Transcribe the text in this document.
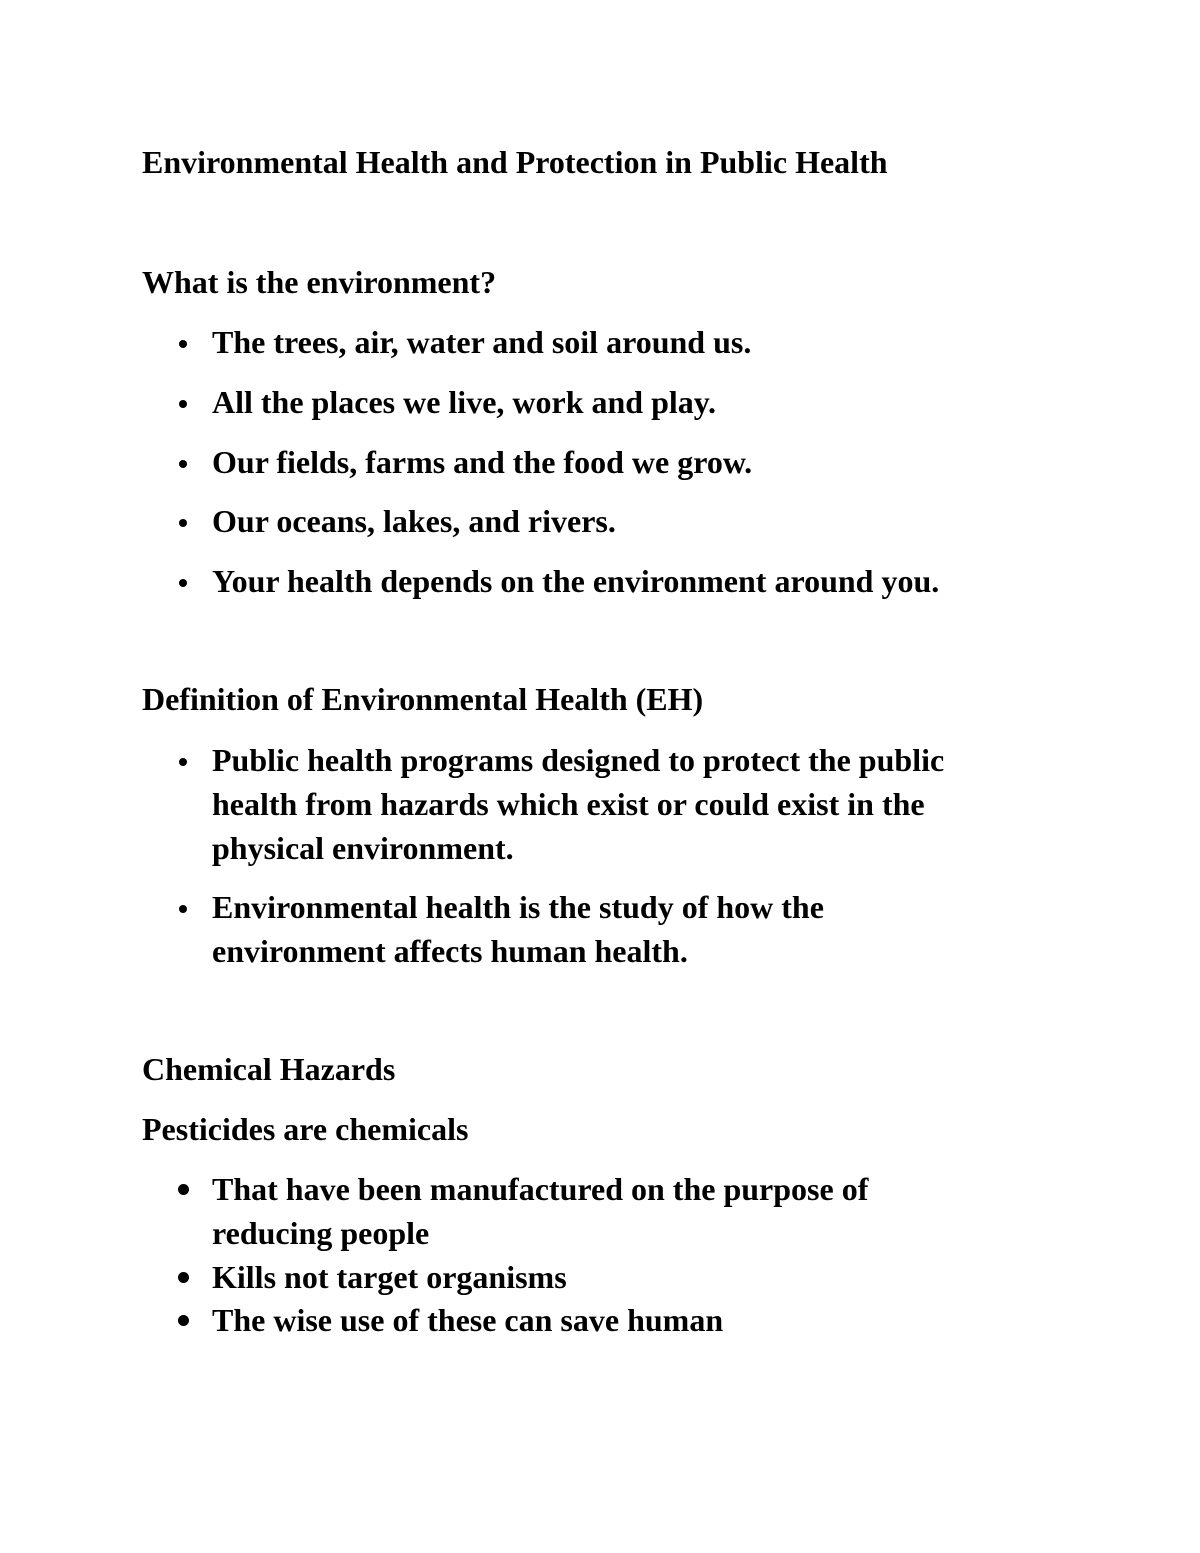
Environmental Health and Protection in Public Health
What is the environment?
The trees, air, water and soil around us.
All the places we live, work and play.
Our fields, farms and the food we grow.
Our oceans, lakes, and rivers.
Your health depends on the environment around you.
Definition of Environmental Health (EH)
Public health programs designed to protect the public health from hazards which exist or could exist in the physical environment.
Environmental health is the study of how the environment affects human health.
Chemical Hazards
Pesticides are chemicals
That have been manufactured on the purpose of reducing people
Kills not target organisms
The wise use of these can save human
